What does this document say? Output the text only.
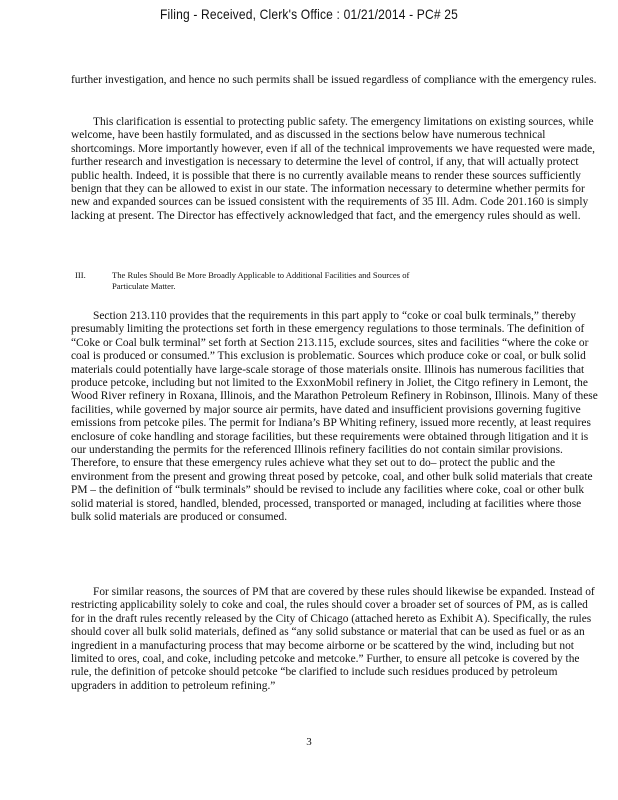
Filing - Received, Clerk's Office : 01/21/2014 - PC# 25

further investigation, and hence no such permits shall be issued regardless of compliance with the emergency rules.

This clarification is essential to protecting public safety. The emergency limitations on existing sources, while welcome, have been hastily formulated, and as discussed in the sections below have numerous technical shortcomings. More importantly however, even if all of the technical improvements we have requested were made, further research and investigation is necessary to determine the level of control, if any, that will actually protect public health. Indeed, it is possible that there is no currently available means to render these sources sufficiently benign that they can be allowed to exist in our state. The information necessary to determine whether permits for new and expanded sources can be issued consistent with the requirements of 35 Ill. Adm. Code 201.160 is simply lacking at present. The Director has effectively acknowledged that fact, and the emergency rules should as well.

III.	The Rules Should Be More Broadly Applicable to Additional Facilities and Sources of Particulate Matter.

Section 213.110 provides that the requirements in this part apply to “coke or coal bulk terminals,” thereby presumably limiting the protections set forth in these emergency regulations to those terminals. The definition of “Coke or Coal bulk terminal” set forth at Section 213.115, exclude sources, sites and facilities “where the coke or coal is produced or consumed.” This exclusion is problematic. Sources which produce coke or coal, or bulk solid materials could potentially have large-scale storage of those materials onsite. Illinois has numerous facilities that produce petcoke, including but not limited to the ExxonMobil refinery in Joliet, the Citgo refinery in Lemont, the Wood River refinery in Roxana, Illinois, and the Marathon Petroleum Refinery in Robinson, Illinois. Many of these facilities, while governed by major source air permits, have dated and insufficient provisions governing fugitive emissions from petcoke piles. The permit for Indiana’s BP Whiting refinery, issued more recently, at least requires enclosure of coke handling and storage facilities, but these requirements were obtained through litigation and it is our understanding the permits for the referenced Illinois refinery facilities do not contain similar provisions. Therefore, to ensure that these emergency rules achieve what they set out to do– protect the public and the environment from the present and growing threat posed by petcoke, coal, and other bulk solid materials that create PM – the definition of “bulk terminals” should be revised to include any facilities where coke, coal or other bulk solid material is stored, handled, blended, processed, transported or managed, including at facilities where those bulk solid materials are produced or consumed.

For similar reasons, the sources of PM that are covered by these rules should likewise be expanded. Instead of restricting applicability solely to coke and coal, the rules should cover a broader set of sources of PM, as is called for in the draft rules recently released by the City of Chicago (attached hereto as Exhibit A). Specifically, the rules should cover all bulk solid materials, defined as “any solid substance or material that can be used as fuel or as an ingredient in a manufacturing process that may become airborne or be scattered by the wind, including but not limited to ores, coal, and coke, including petcoke and metcoke.” Further, to ensure all petcoke is covered by the rule, the definition of petcoke should petcoke “be clarified to include such residues produced by petroleum upgraders in addition to petroleum refining.”

3
